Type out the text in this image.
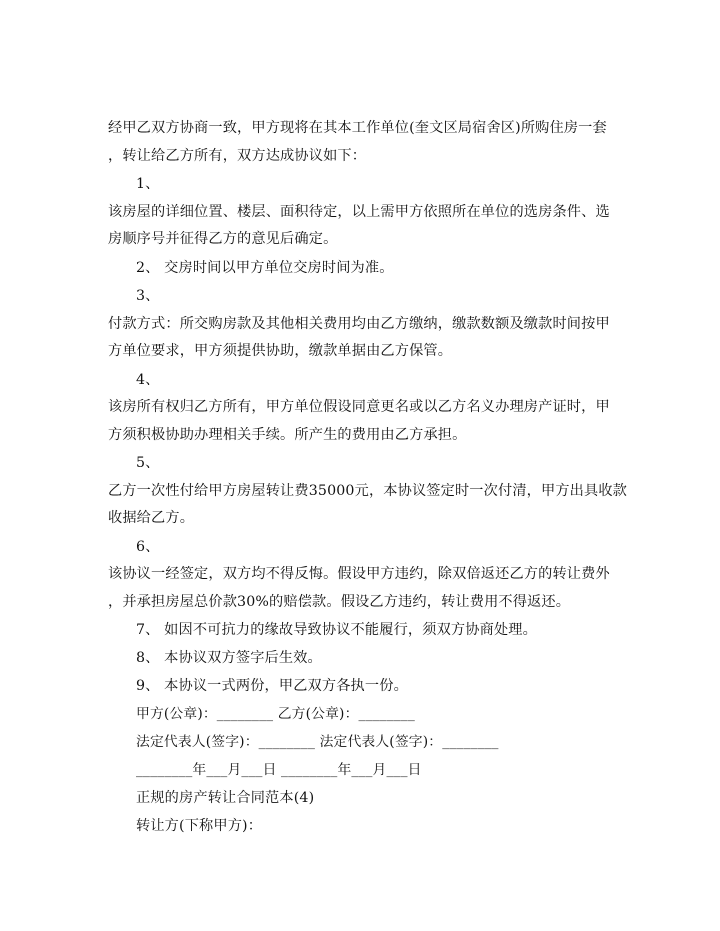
经甲乙双方协商一致，甲方现将在其本工作单位(奎文区局宿舍区)所购住房一套
，转让给乙方所有，双方达成协议如下：
1、
该房屋的详细位置、楼层、面积待定，以上需甲方依照所在单位的选房条件、选
房顺序号并征得乙方的意见后确定。
2、 交房时间以甲方单位交房时间为准。
3、
付款方式：所交购房款及其他相关费用均由乙方缴纳，缴款数额及缴款时间按甲
方单位要求，甲方须提供协助，缴款单据由乙方保管。
4、
该房所有权归乙方所有，甲方单位假设同意更名或以乙方名义办理房产证时，甲
方须积极协助办理相关手续。所产生的费用由乙方承担。
5、
乙方一次性付给甲方房屋转让费35000元，本协议签定时一次付清，甲方出具收款
收据给乙方。
6、
该协议一经签定，双方均不得反悔。假设甲方违约，除双倍返还乙方的转让费外
，并承担房屋总价款30%的赔偿款。假设乙方违约，转让费用不得返还。
7、 如因不可抗力的缘故导致协议不能履行，须双方协商处理。
8、 本协议双方签字后生效。
9、 本协议一式两份，甲乙双方各执一份。
甲方(公章)：________ 乙方(公章)：________
法定代表人(签字)：________ 法定代表人(签字)：________
________年___月___日 ________年___月___日
正规的房产转让合同范本(4)
转让方(下称甲方)：
